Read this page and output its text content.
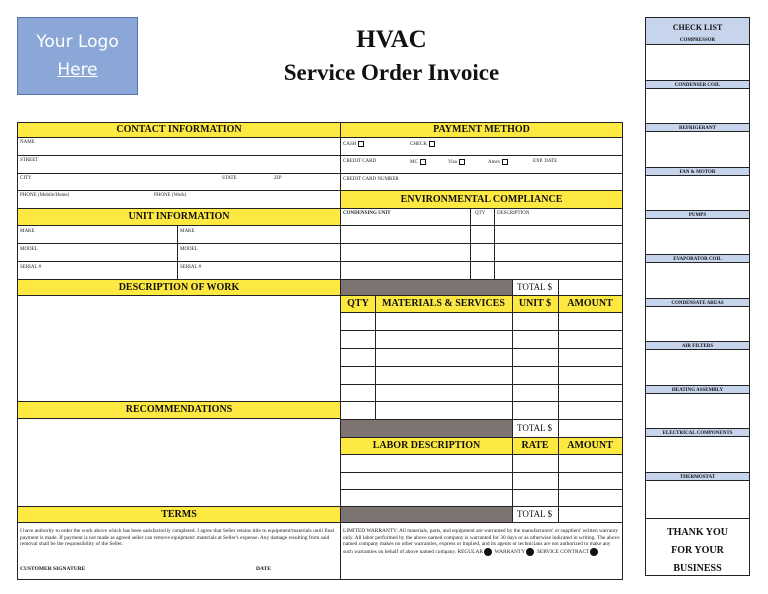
Your Logo
Here
HVAC
Service Order Invoice
CONTACT INFORMATION
NAME
STREET
CITY	STATE	ZIP
PHONE (Mobile/Home)	PHONE (Work)
UNIT INFORMATION
MAKE	MAKE
MODEL	MODEL
SERIAL #	SERIAL #
DESCRIPTION OF WORK
RECOMMENDATIONS
TERMS
I have authority to order the work above which has been satisfactorily completed. I agree that Seller retains title to equipment/materials until final payment is made. If payment is not made as agreed seller can remove equipment/ materials at Seller's expense. Any damage resulting from said removal shall be the responsibility of the Seller.
CUSTOMER SIGNATURE	DATE
PAYMENT METHOD
CASH	CHECK
CREDIT CARD	MC	Visa	Amex	EXP. DATE
CREDIT CARD NUMBER
ENVIRONMENTAL COMPLIANCE
CONDENSING UNIT	QTY DESCRIPTION
TOTAL $
QTY	MATERIALS & SERVICES	UNIT $	AMOUNT
TOTAL $
LABOR DESCRIPTION	RATE	AMOUNT
TOTAL $
LIMITED WARRANTY: All materials, parts, and equipment are warranted by the manufacturers' or suppliers' written warranty only. All labor performed by the above named company is warranted for 30 days or as otherwise indicated in writing. The above named company makes no other warranties, express or implied, and its agents or technicians are not authorized to make any such warranties on behalf of above named company. REGULAR WARRANTY SERVICE CONTRACT
CHECK LIST
COMPRESSOR
CONDENSER COIL
REFRIGERANT
FAN & MOTOR
PUMPS
EVAPORATOR COIL
CONDENSATE AREAS
AIR FILTERS
HEATING ASSEMBLY
ELECTRICAL COMPONENTS
THERMOSTAT
THANK YOU
FOR YOUR
BUSINESS
